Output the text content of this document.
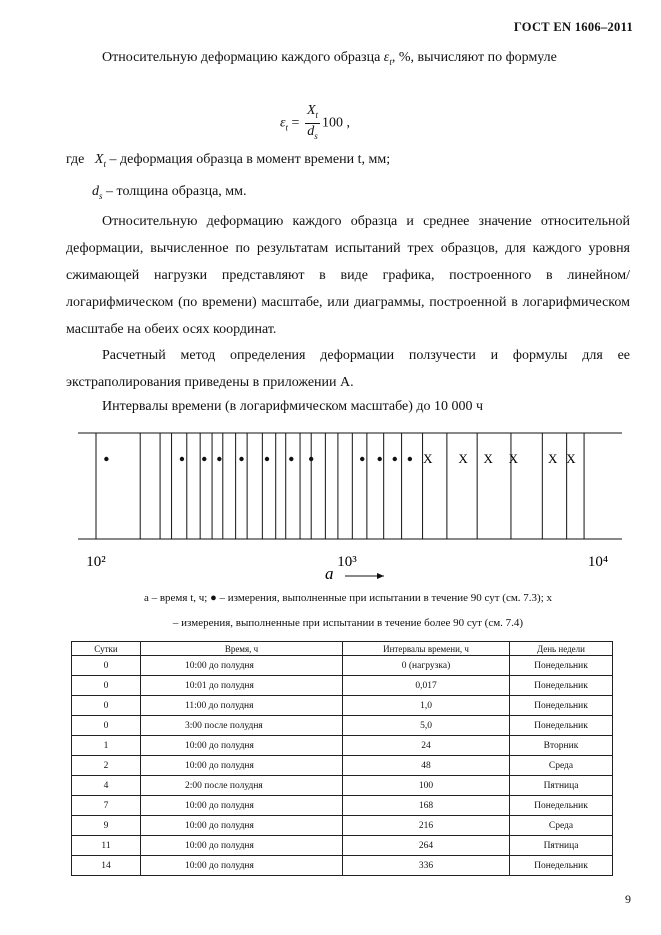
ГОСТ EN 1606–2011
Относительную деформацию каждого образца $\varepsilon_t$, %, вычисляют по формуле
$\varepsilon_t = \frac{X_t}{d_s} 100$ ,
где $X_t$ – деформация образца в момент времени t, мм;
$d_s$ – толщина образца, мм.
Относительную деформацию каждого образца и среднее значение относительной деформации, вычисленное по результатам испытаний трех образцов, для каждого уровня сжимающей нагрузки представляют в виде графика, построенного в линейном/логарифмическом (по времени) масштабе, или диаграммы, построенной в логарифмическом масштабе на обеих осях координат.
Расчетный метод определения деформации ползучести и формулы для ее экстраполирования приведены в приложении А.
Интервалы времени (в логарифмическом масштабе) до 10 000 ч
X X X X X X
10²	10³	10⁴
a
а – время t, ч; ● – измерения, выполненные при испытании в течение 90 сут (см. 7.3); х
– измерения, выполненные при испытании в течение более 90 сут (см. 7.4)
Сутки	Время, ч	Интервалы времени, ч	День недели
0	10:00 до полудня	0 (нагрузка)	Понедельник
0	10:01 до полудня	0,017	Понедельник
0	11:00 до полудня	1,0	Понедельник
0	3:00 после полудня	5,0	Понедельник
1	10:00 до полудня	24	Вторник
2	10:00 до полудня	48	Среда
4	2:00 после полудня	100	Пятница
7	10:00 до полудня	168	Понедельник
9	10:00 до полудня	216	Среда
11	10:00 до полудня	264	Пятница
14	10:00 до полудня	336	Понедельник
9
